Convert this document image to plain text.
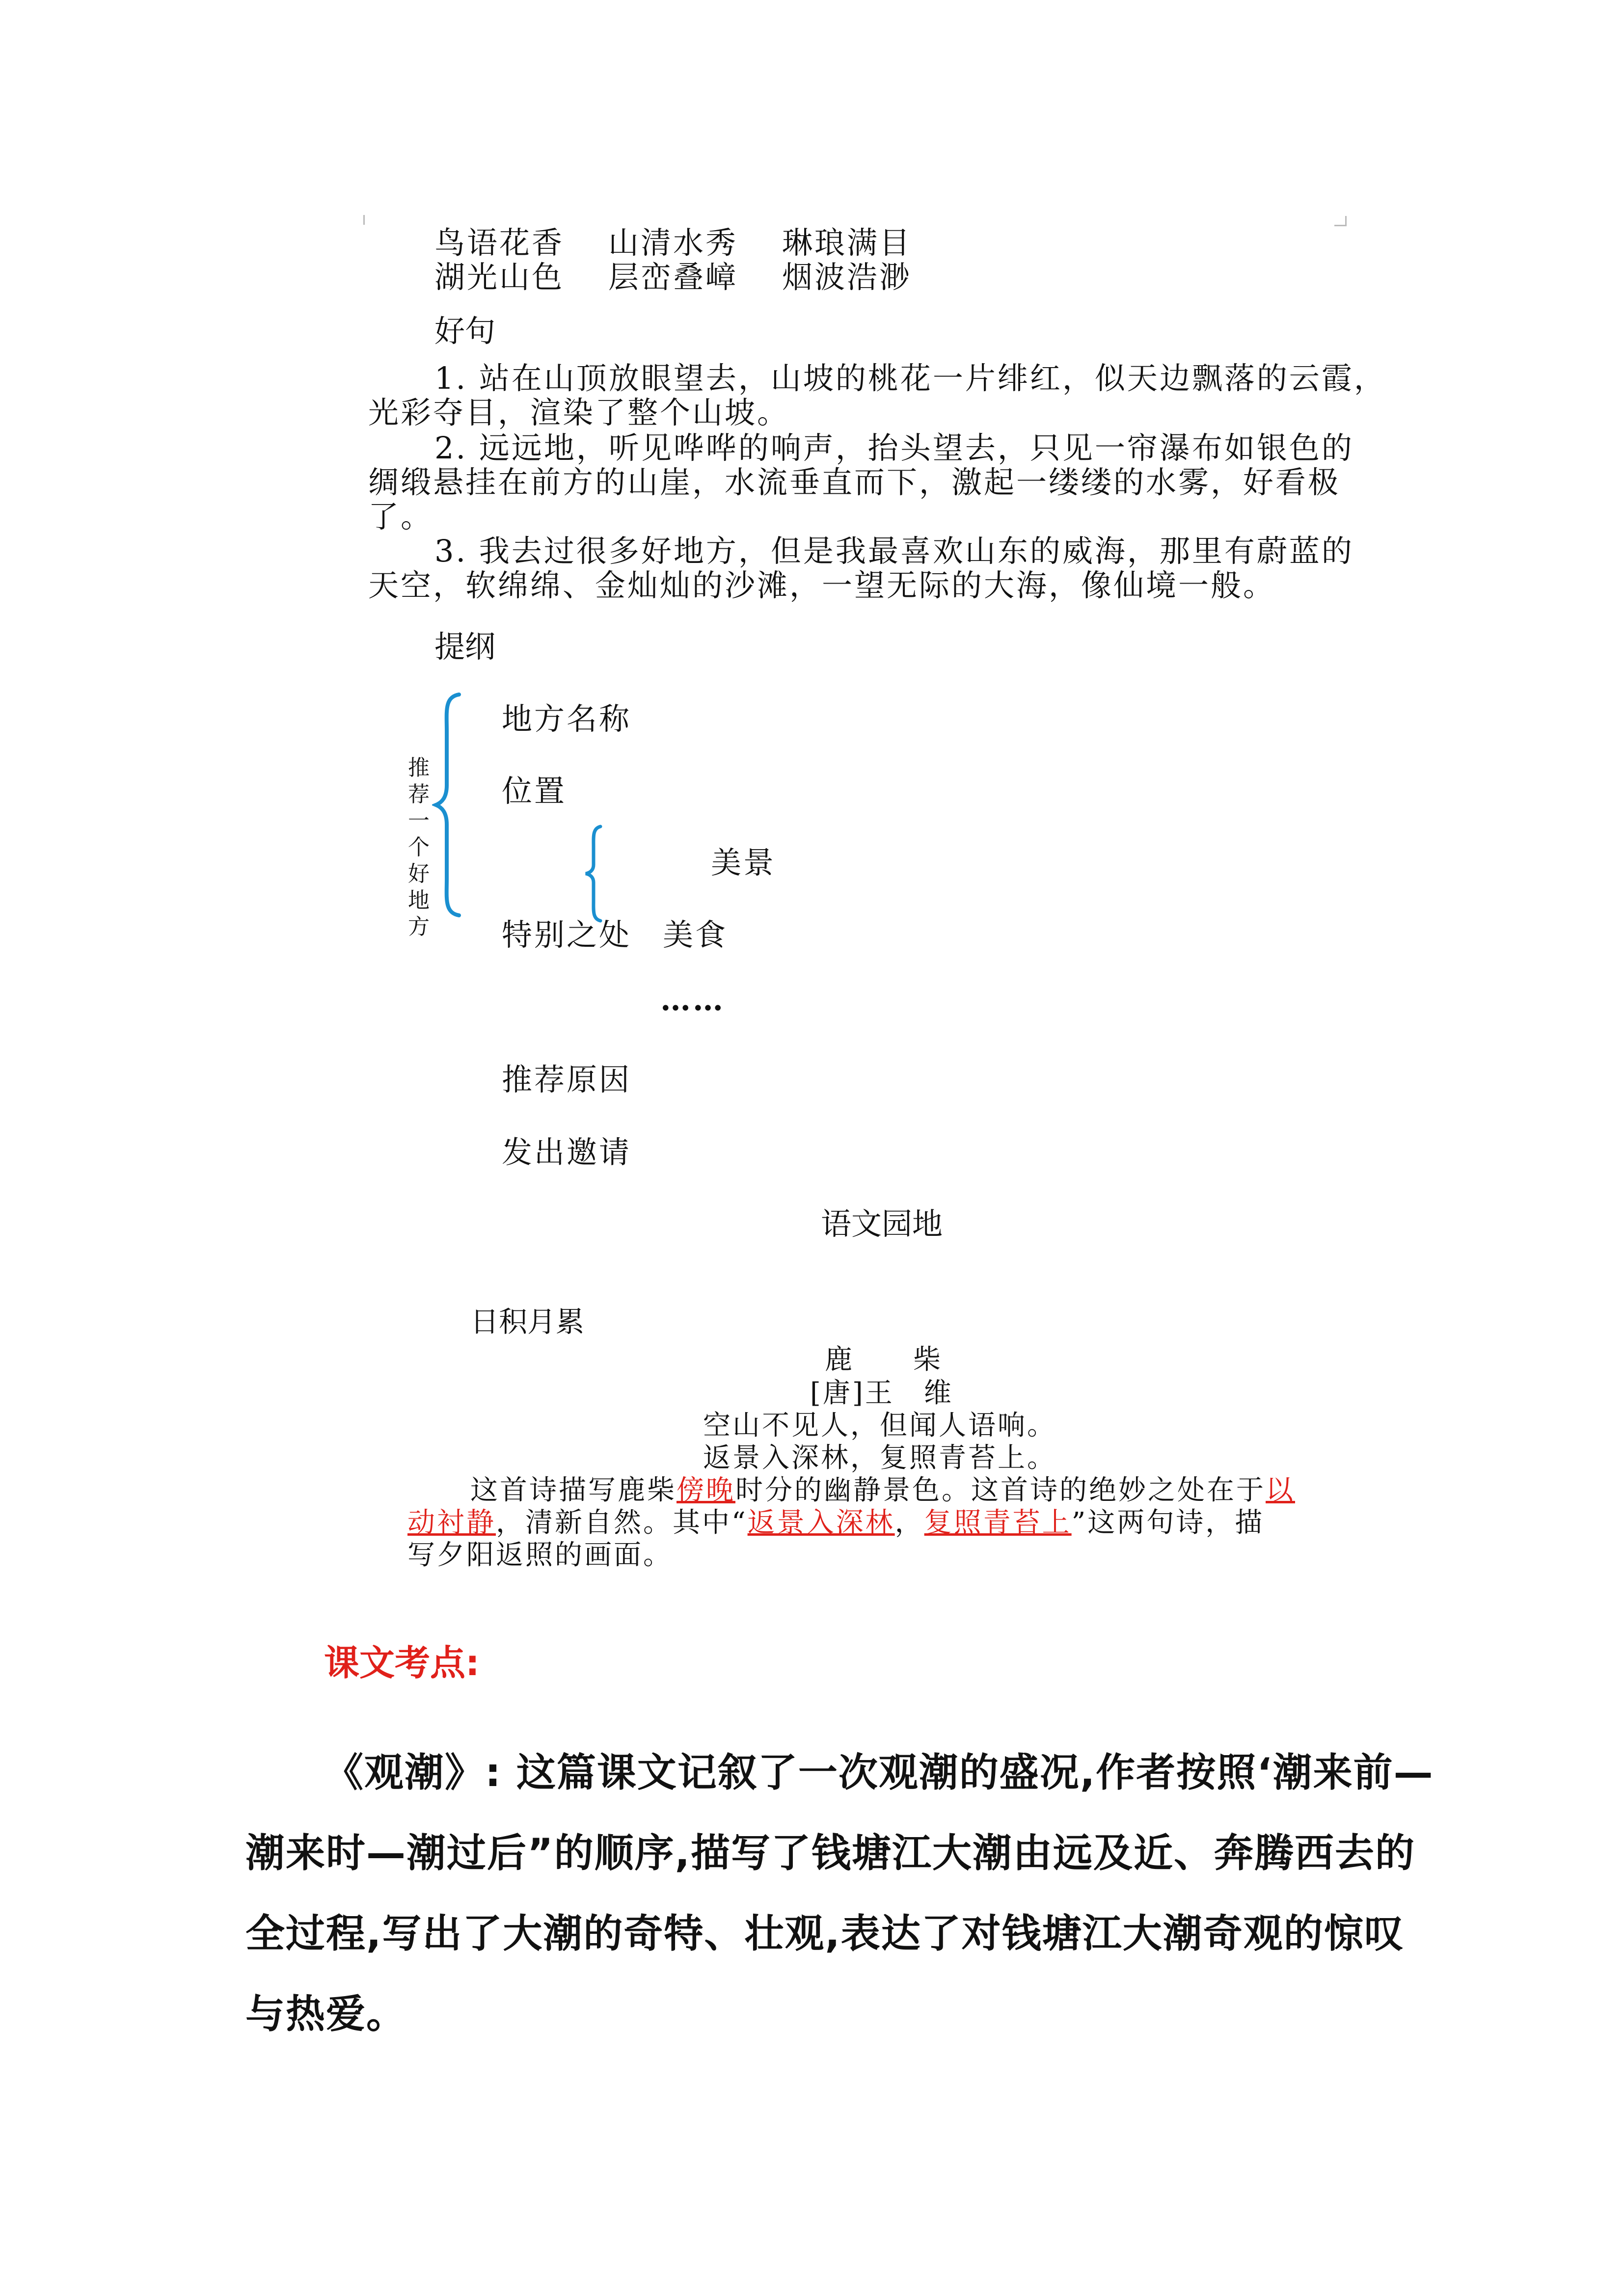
鸟语花香 山清水秀 琳琅满目
湖光山色 层峦叠嶂 烟波浩渺
好句
1. 站在山顶放眼望去，山坡的桃花一片绯红，似天边飘落的云霞，
光彩夺目，渲染了整个山坡。
2. 远远地，听见哗哗的响声，抬头望去，只见一帘瀑布如银色的
绸缎悬挂在前方的山崖，水流垂直而下，激起一缕缕的水雾，好看极
了。
3. 我去过很多好地方，但是我最喜欢山东的威海，那里有蔚蓝的
天空，软绵绵、金灿灿的沙滩，一望无际的大海，像仙境一般。
提纲
推荐一个好地方
地方名称
位置
美景
特别之处 美食
……
推荐原因
发出邀请
语文园地
日积月累
鹿　　柴
[唐]王　维
空山不见人，但闻人语响。
返景入深林，复照青苔上。
这首诗描写鹿柴傍晚时分的幽静景色。这首诗的绝妙之处在于以
动衬静，清新自然。其中“返景入深林，复照青苔上”这两句诗，描
写夕阳返照的画面。
课文考点:
《观潮》: 这篇课文记叙了一次观潮的盛况,作者按照‘潮来前—
潮来时—潮过后”的顺序,描写了钱塘江大潮由远及近、奔腾西去的
全过程,写出了大潮的奇特、壮观,表达了对钱塘江大潮奇观的惊叹
与热爱。
